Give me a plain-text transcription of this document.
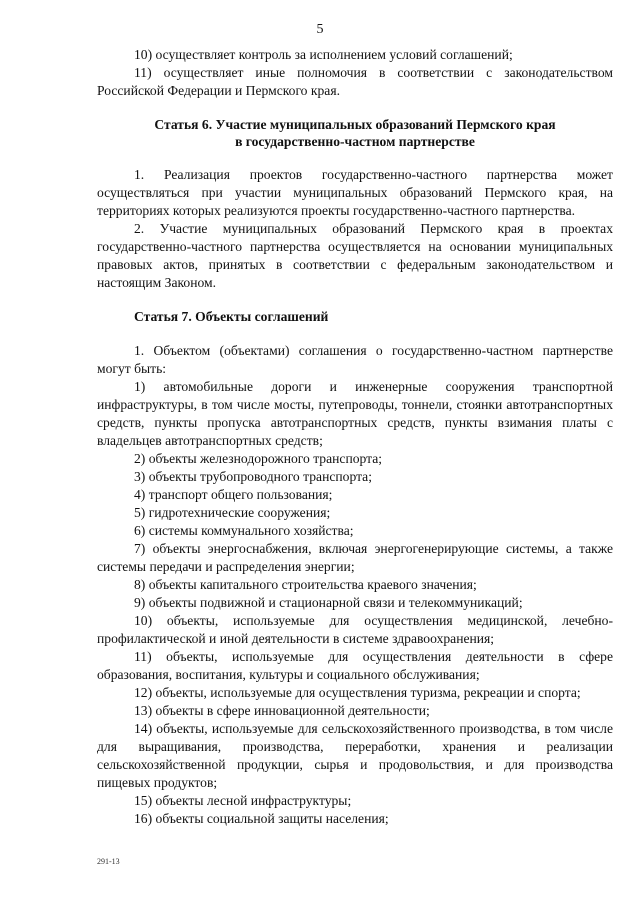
5

10) осуществляет контроль за исполнением условий соглашений;

11) осуществляет иные полномочия в соответствии с законодательством Российской Федерации и Пермского края.

Статья 6. Участие муниципальных образований Пермского края

в государственно-частном партнерстве

1. Реализация проектов государственно-частного партнерства может осуществляться при участии муниципальных образований Пермского края, на территориях которых реализуются проекты государственно-частного партнерства.

2. Участие муниципальных образований Пермского края в проектах государственно-частного партнерства осуществляется на основании муниципальных правовых актов, принятых в соответствии с федеральным законодательством и настоящим Законом.

Статья 7. Объекты соглашений

1. Объектом (объектами) соглашения о государственно-частном партнерстве могут быть:

1) автомобильные дороги и инженерные сооружения транспортной инфраструктуры, в том числе мосты, путепроводы, тоннели, стоянки автотранспортных средств, пункты пропуска автотранспортных средств, пункты взимания платы с владельцев автотранспортных средств;

2) объекты железнодорожного транспорта;

3) объекты трубопроводного транспорта;

4) транспорт общего пользования;

5) гидротехнические сооружения;

6) системы коммунального хозяйства;

7) объекты энергоснабжения, включая энергогенерирующие системы, а также системы передачи и распределения энергии;

8) объекты капитального строительства краевого значения;

9) объекты подвижной и стационарной связи и телекоммуникаций;

10) объекты, используемые для осуществления медицинской, лечебно-профилактической и иной деятельности в системе здравоохранения;

11) объекты, используемые для осуществления деятельности в сфере образования, воспитания, культуры и социального обслуживания;

12) объекты, используемые для осуществления туризма, рекреации и спорта;

13) объекты в сфере инновационной деятельности;

14) объекты, используемые для сельскохозяйственного производства, в том числе для выращивания, производства, переработки, хранения и реализации сельскохозяйственной продукции, сырья и продовольствия, и для производства пищевых продуктов;

15) объекты лесной инфраструктуры;

16) объекты социальной защиты населения;

291-13
